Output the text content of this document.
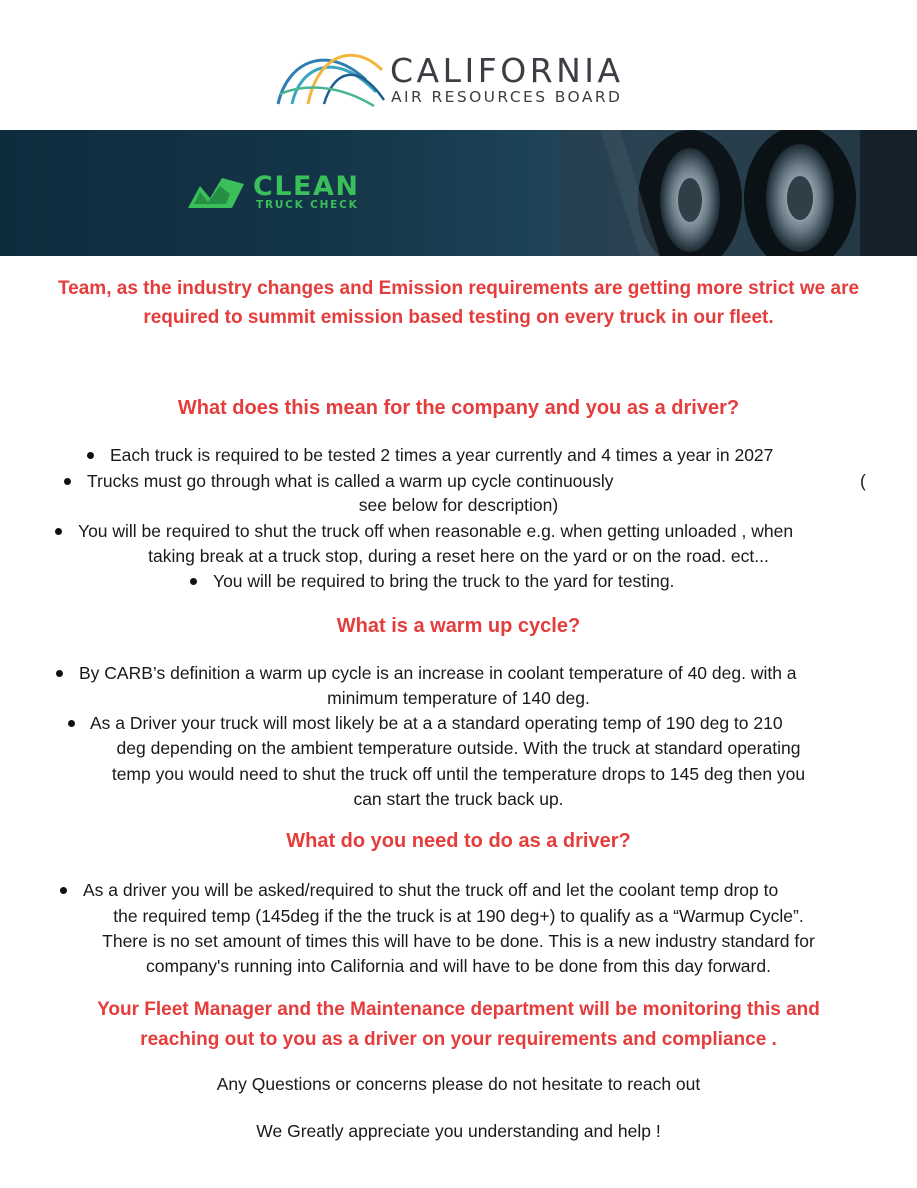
CALIFORNIA
AIR RESOURCES BOARD
CLEAN
TRUCK CHECK
Team, as the industry changes and Emission requirements are getting more strict we are
required to summit emission based testing on every truck in our fleet.
What does this mean for the company and you as a driver?
Each truck is required to be tested 2 times a year currently and 4 times a year in 2027
Trucks must go through what is called a warm up cycle continuously	(
see below for description)
You will be required to shut the truck off when reasonable e.g. when getting unloaded , when
taking break at a truck stop, during a reset here on the yard or on the road. ect...
You will be required to bring the truck to the yard for testing.
What is a warm up cycle?
By CARB’s definition a warm up cycle is an increase in coolant temperature of 40 deg. with a
minimum temperature of 140 deg.
As a Driver your truck will most likely be at a a standard operating temp of 190 deg to 210
deg depending on the ambient temperature outside. With the truck at standard operating
temp you would need to shut the truck off until the temperature drops to 145 deg then you
can start the truck back up.
What do you need to do as a driver?
As a driver you will be asked/required to shut the truck off and let the coolant temp drop to
the required temp (145deg if the the truck is at 190 deg+) to qualify as a “Warmup Cycle”.
There is no set amount of times this will have to be done. This is a new industry standard for
company's running into California and will have to be done from this day forward.
Your Fleet Manager and the Maintenance department will be monitoring this and
reaching out to you as a driver on your requirements and compliance .
Any Questions or concerns please do not hesitate to reach out
We Greatly appreciate you understanding and help !
